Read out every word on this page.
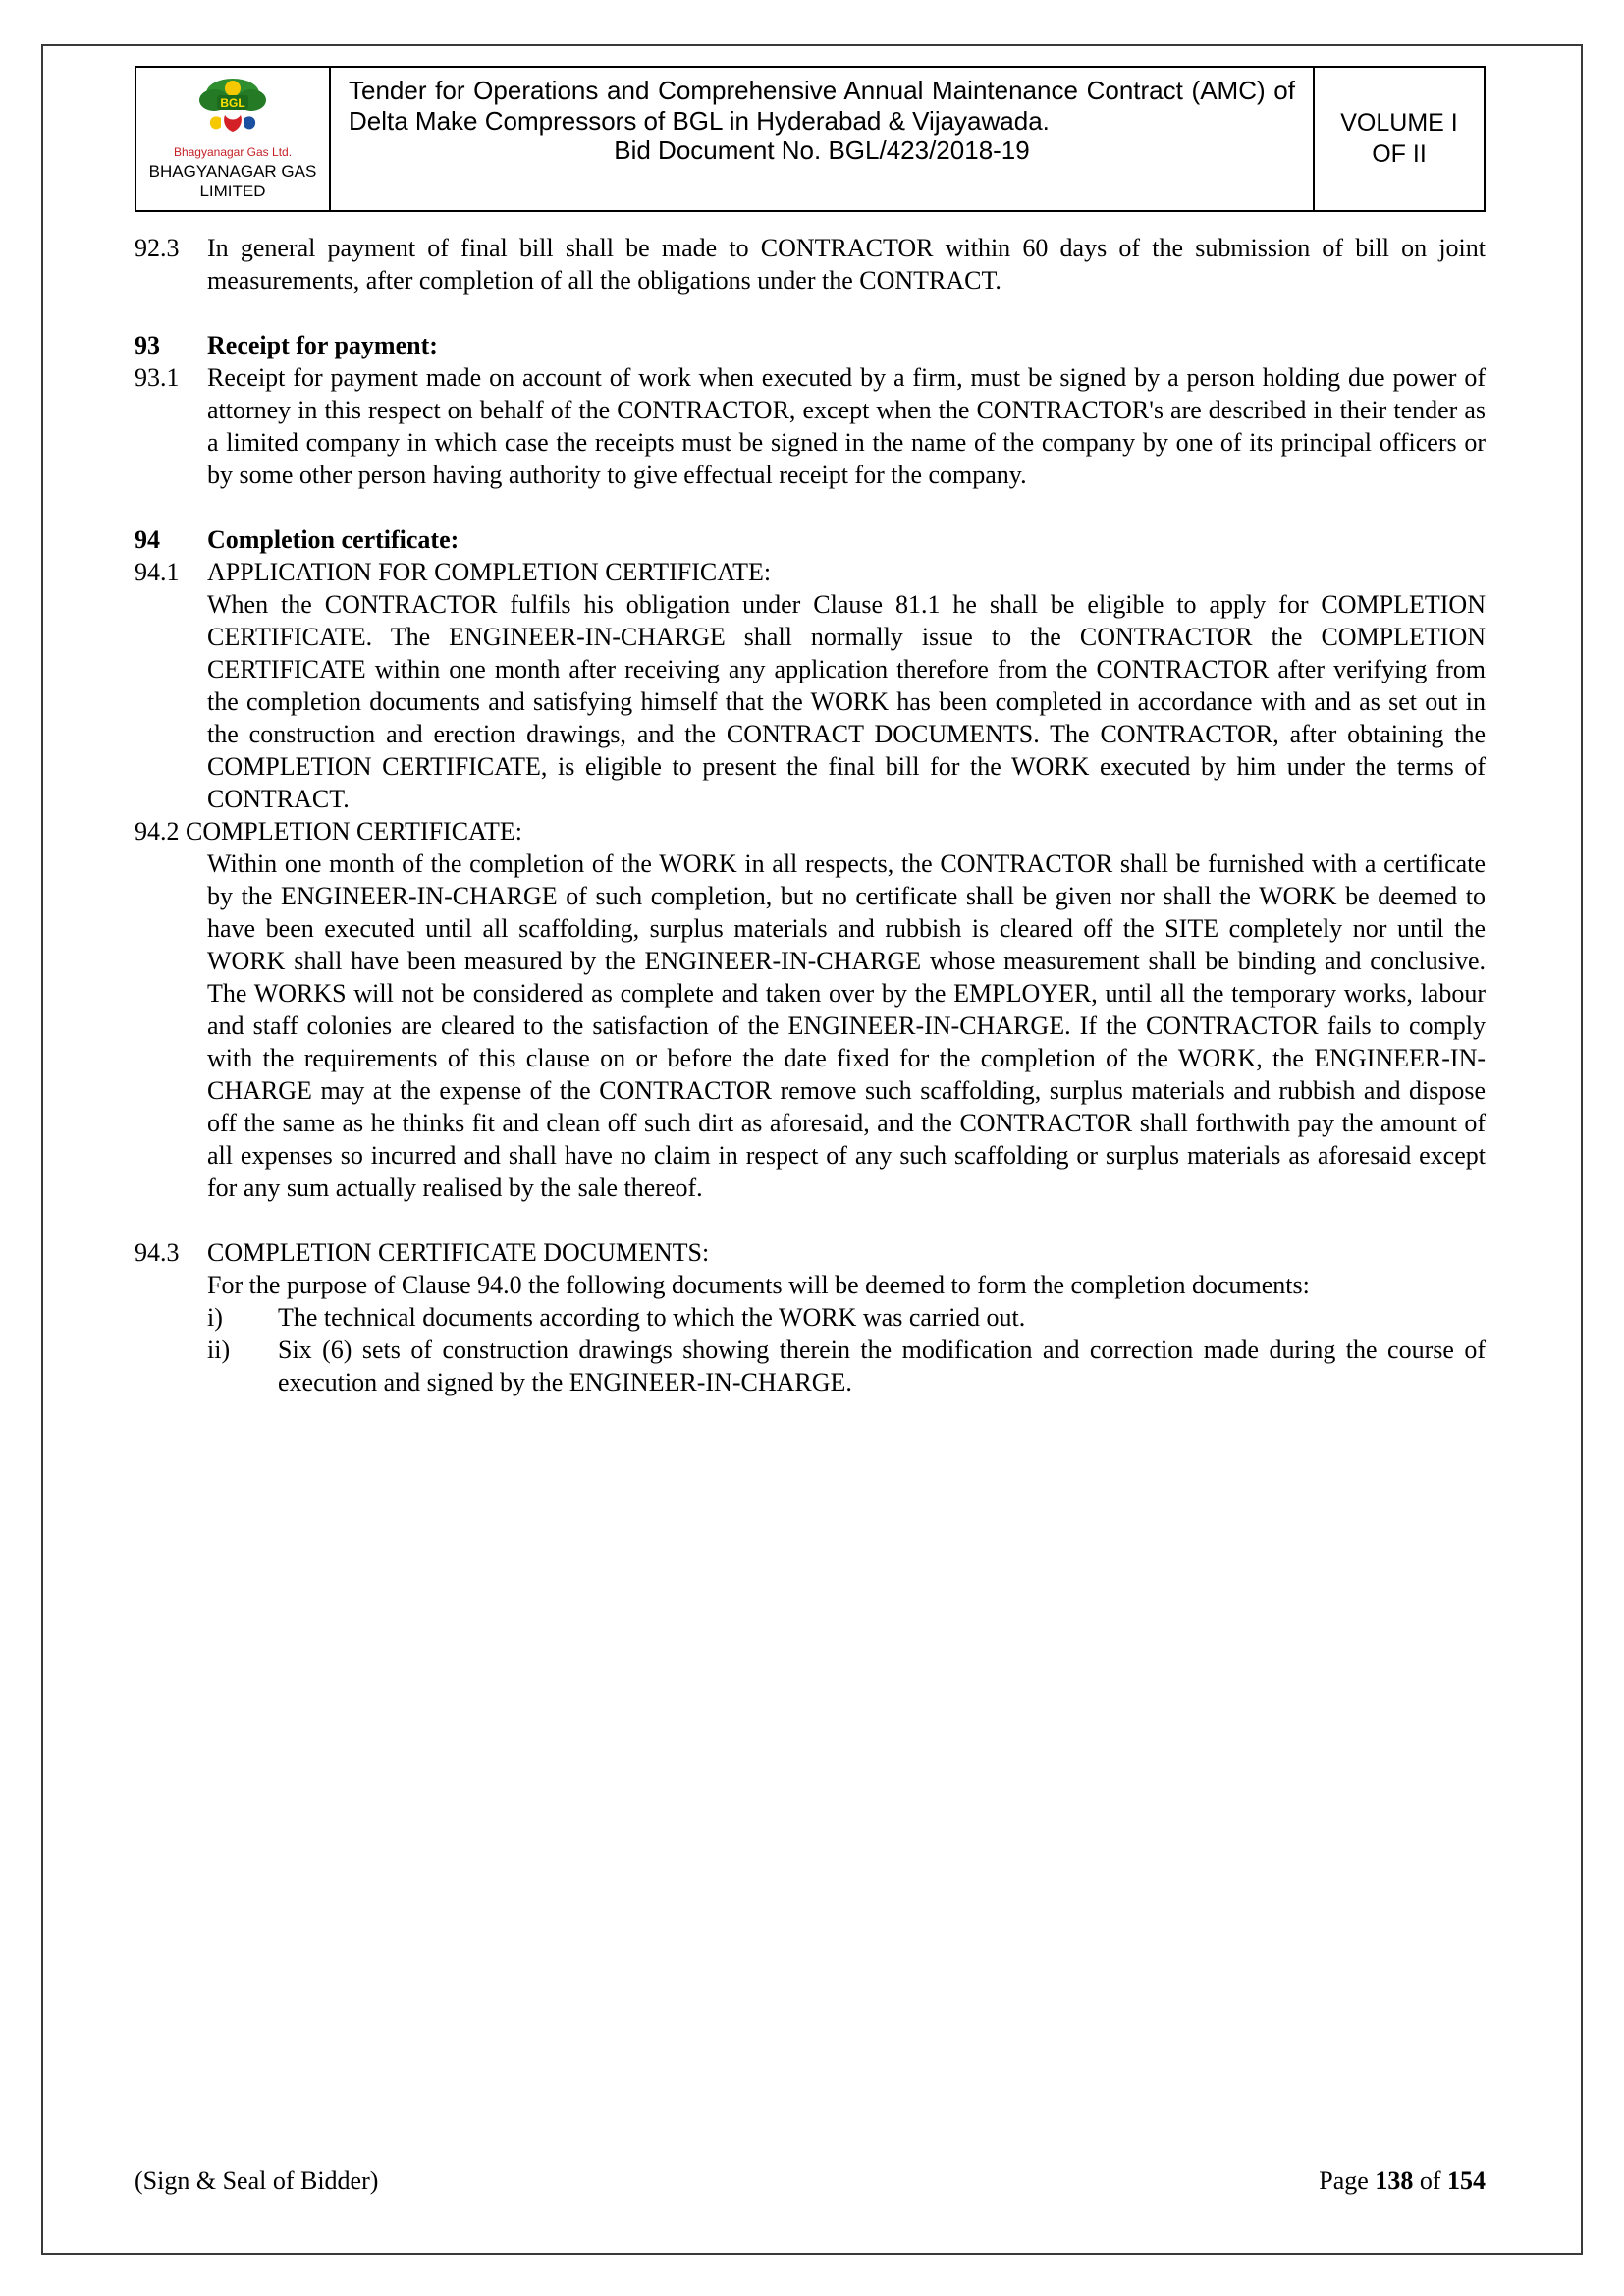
BGL
Bhagyanagar Gas Ltd.
BHAGYANAGAR GAS
LIMITED
Tender for Operations and Comprehensive Annual Maintenance Contract (AMC) of Delta Make Compressors of BGL in Hyderabad & Vijayawada.
Bid Document No. BGL/423/2018-19
VOLUME I
OF II
92.3	In general payment of final bill shall be made to CONTRACTOR within 60 days of the submission of bill on joint measurements, after completion of all the obligations under the CONTRACT.
93	Receipt for payment:
93.1	Receipt for payment made on account of work when executed by a firm, must be signed by a person holding due power of attorney in this respect on behalf of the CONTRACTOR, except when the CONTRACTOR's are described in their tender as a limited company in which case the receipts must be signed in the name of the company by one of its principal officers or by some other person having authority to give effectual receipt for the company.
94	Completion certificate:
94.1	APPLICATION FOR COMPLETION CERTIFICATE:
When the CONTRACTOR fulfils his obligation under Clause 81.1 he shall be eligible to apply for COMPLETION CERTIFICATE. The ENGINEER-IN-CHARGE shall normally issue to the CONTRACTOR the COMPLETION CERTIFICATE within one month after receiving any application therefore from the CONTRACTOR after verifying from the completion documents and satisfying himself that the WORK has been completed in accordance with and as set out in the construction and erection drawings, and the CONTRACT DOCUMENTS. The CONTRACTOR, after obtaining the COMPLETION CERTIFICATE, is eligible to present the final bill for the WORK executed by him under the terms of CONTRACT.
94.2 COMPLETION CERTIFICATE:
Within one month of the completion of the WORK in all respects, the CONTRACTOR shall be furnished with a certificate by the ENGINEER-IN-CHARGE of such completion, but no certificate shall be given nor shall the WORK be deemed to have been executed until all scaffolding, surplus materials and rubbish is cleared off the SITE completely nor until the WORK shall have been measured by the ENGINEER-IN-CHARGE whose measurement shall be binding and conclusive. The WORKS will not be considered as complete and taken over by the EMPLOYER, until all the temporary works, labour and staff colonies are cleared to the satisfaction of the ENGINEER-IN-CHARGE. If the CONTRACTOR fails to comply with the requirements of this clause on or before the date fixed for the completion of the WORK, the ENGINEER-IN-CHARGE may at the expense of the CONTRACTOR remove such scaffolding, surplus materials and rubbish and dispose off the same as he thinks fit and clean off such dirt as aforesaid, and the CONTRACTOR shall forthwith pay the amount of all expenses so incurred and shall have no claim in respect of any such scaffolding or surplus materials as aforesaid except for any sum actually realised by the sale thereof.
94.3	COMPLETION CERTIFICATE DOCUMENTS:
For the purpose of Clause 94.0 the following documents will be deemed to form the completion documents:
i)	The technical documents according to which the WORK was carried out.
ii)	Six (6) sets of construction drawings showing therein the modification and correction made during the course of execution and signed by the ENGINEER-IN-CHARGE.
(Sign & Seal of Bidder)	Page 138 of 154
